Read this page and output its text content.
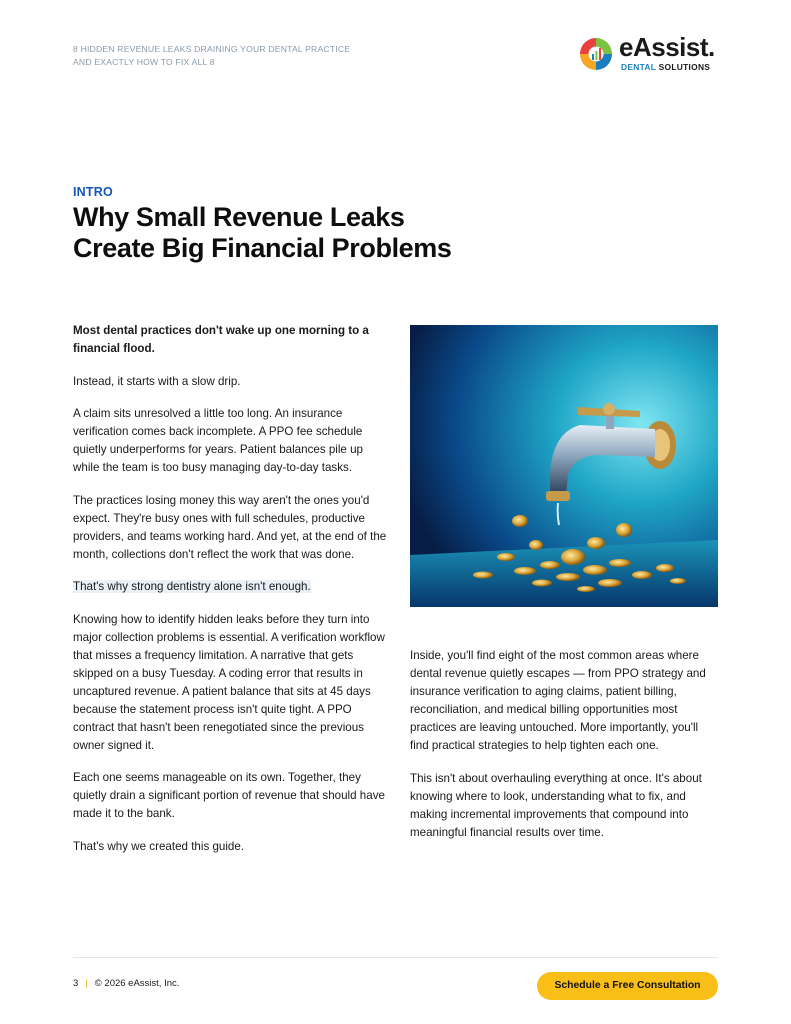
8 HIDDEN REVENUE LEAKS DRAINING YOUR DENTAL PRACTICE
AND EXACTLY HOW TO FIX ALL 8	eAssist.
DENTAL SOLUTIONS
INTRO
Why Small Revenue Leaks
Create Big Financial Problems

Most dental practices don't wake up one morning to a financial flood.

Instead, it starts with a slow drip.

A claim sits unresolved a little too long. An insurance verification comes back incomplete. A PPO fee schedule quietly underperforms for years. Patient balances pile up while the team is too busy managing day-to-day tasks.

The practices losing money this way aren't the ones you'd expect. They're busy ones with full schedules, productive providers, and teams working hard. And yet, at the end of the month, collections don't reflect the work that was done.

That's why strong dentistry alone isn't enough.

Knowing how to identify hidden leaks before they turn into major collection problems is essential. A verification workflow that misses a frequency limitation. A narrative that gets skipped on a busy Tuesday. A coding error that results in uncaptured revenue. A patient balance that sits at 45 days because the statement process isn't quite tight. A PPO contract that hasn't been renegotiated since the previous owner signed it.

Each one seems manageable on its own. Together, they quietly drain a significant portion of revenue that should have made it to the bank.

That's why we created this guide.

Inside, you'll find eight of the most common areas where dental revenue quietly escapes — from PPO strategy and insurance verification to aging claims, patient billing, reconciliation, and medical billing opportunities most practices are leaving untouched. More importantly, you'll find practical strategies to help tighten each one.

This isn't about overhauling everything at once. It's about knowing where to look, understanding what to fix, and making incremental improvements that compound into meaningful financial results over time.

3 | © 2026 eAssist, Inc.	Schedule a Free Consultation
